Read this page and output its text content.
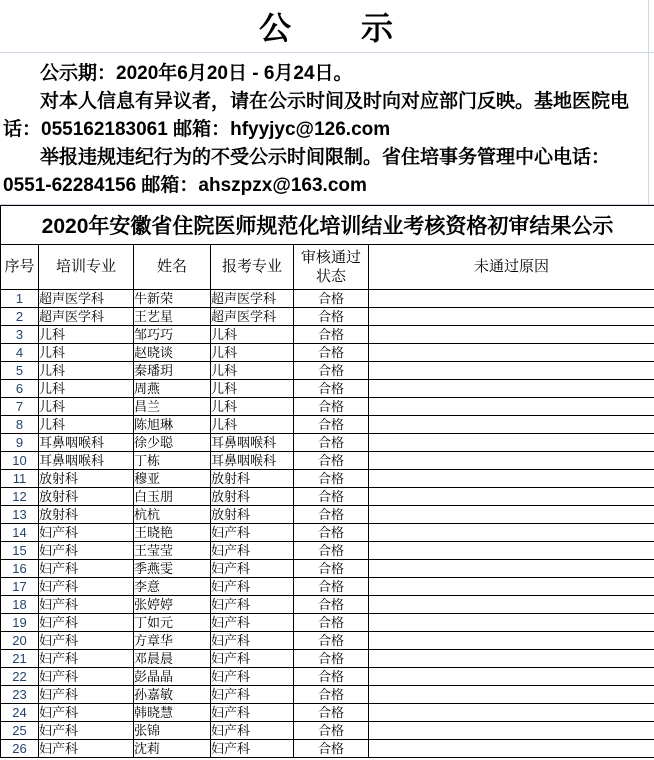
公　　示
公示期：2020年6月20日 - 6月24日。
对本人信息有异议者，请在公示时间及时向对应部门反映。基地医院电
话：055162183061 邮箱：hfyyjyc@126.com
举报违规违纪行为的不受公示时间限制。省住培事务管理中心电话：
0551-62284156 邮箱：ahszpzx@163.com
2020年安徽省住院医师规范化培训结业考核资格初审结果公示					
序号	培训专业	姓名	报考专业	审核通过状态	未通过原因
1	超声医学科	牛新荣	超声医学科	合格	
2	超声医学科	王艺星	超声医学科	合格	
3	儿科	邹巧巧	儿科	合格	
4	儿科	赵晓谈	儿科	合格	
5	儿科	秦璠玥	儿科	合格	
6	儿科	周燕	儿科	合格	
7	儿科	昌兰	儿科	合格	
8	儿科	陈旭琳	儿科	合格	
9	耳鼻咽喉科	徐少聪	耳鼻咽喉科	合格	
10	耳鼻咽喉科	丁栋	耳鼻咽喉科	合格	
11	放射科	穆亚	放射科	合格	
12	放射科	白玉朋	放射科	合格	
13	放射科	杭杭	放射科	合格	
14	妇产科	王晓艳	妇产科	合格	
15	妇产科	王莹莹	妇产科	合格	
16	妇产科	季燕雯	妇产科	合格	
17	妇产科	李意	妇产科	合格	
18	妇产科	张婷婷	妇产科	合格	
19	妇产科	丁如元	妇产科	合格	
20	妇产科	方章华	妇产科	合格	
21	妇产科	邓晨晨	妇产科	合格	
22	妇产科	彭晶晶	妇产科	合格	
23	妇产科	孙嘉敏	妇产科	合格	
24	妇产科	韩晓慧	妇产科	合格	
25	妇产科	张锦	妇产科	合格	
26	妇产科	沈莉	妇产科	合格	
